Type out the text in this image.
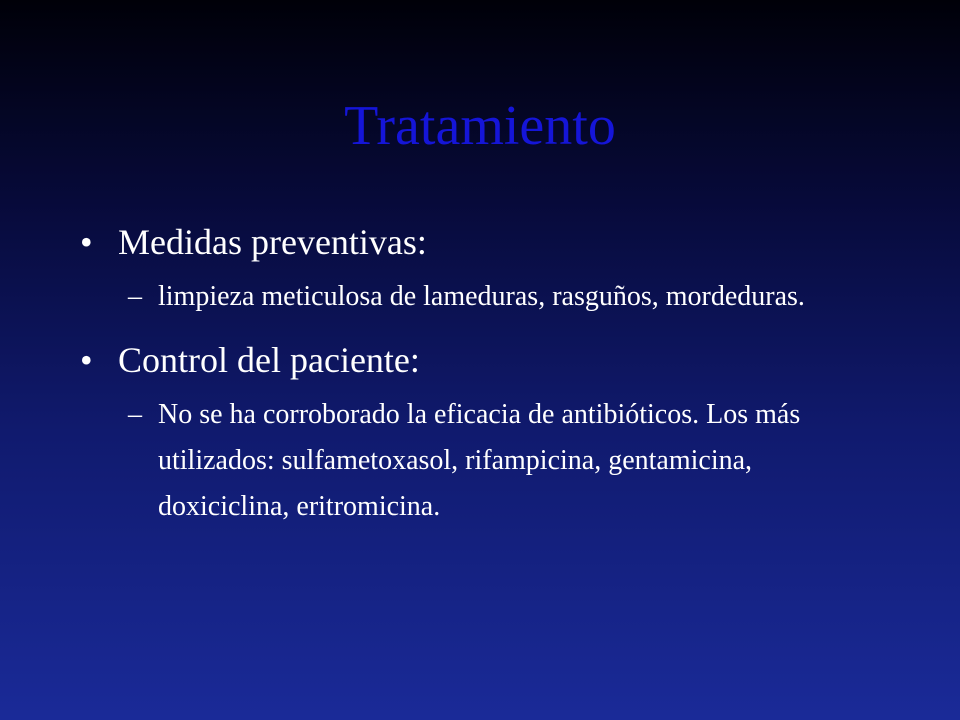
Tratamiento
• Medidas preventivas:
– limpieza meticulosa de lameduras, rasguños, mordeduras.
• Control del paciente:
– No se ha corroborado la eficacia de antibióticos. Los más utilizados: sulfametoxasol, rifampicina, gentamicina, doxiciclina, eritromicina.
